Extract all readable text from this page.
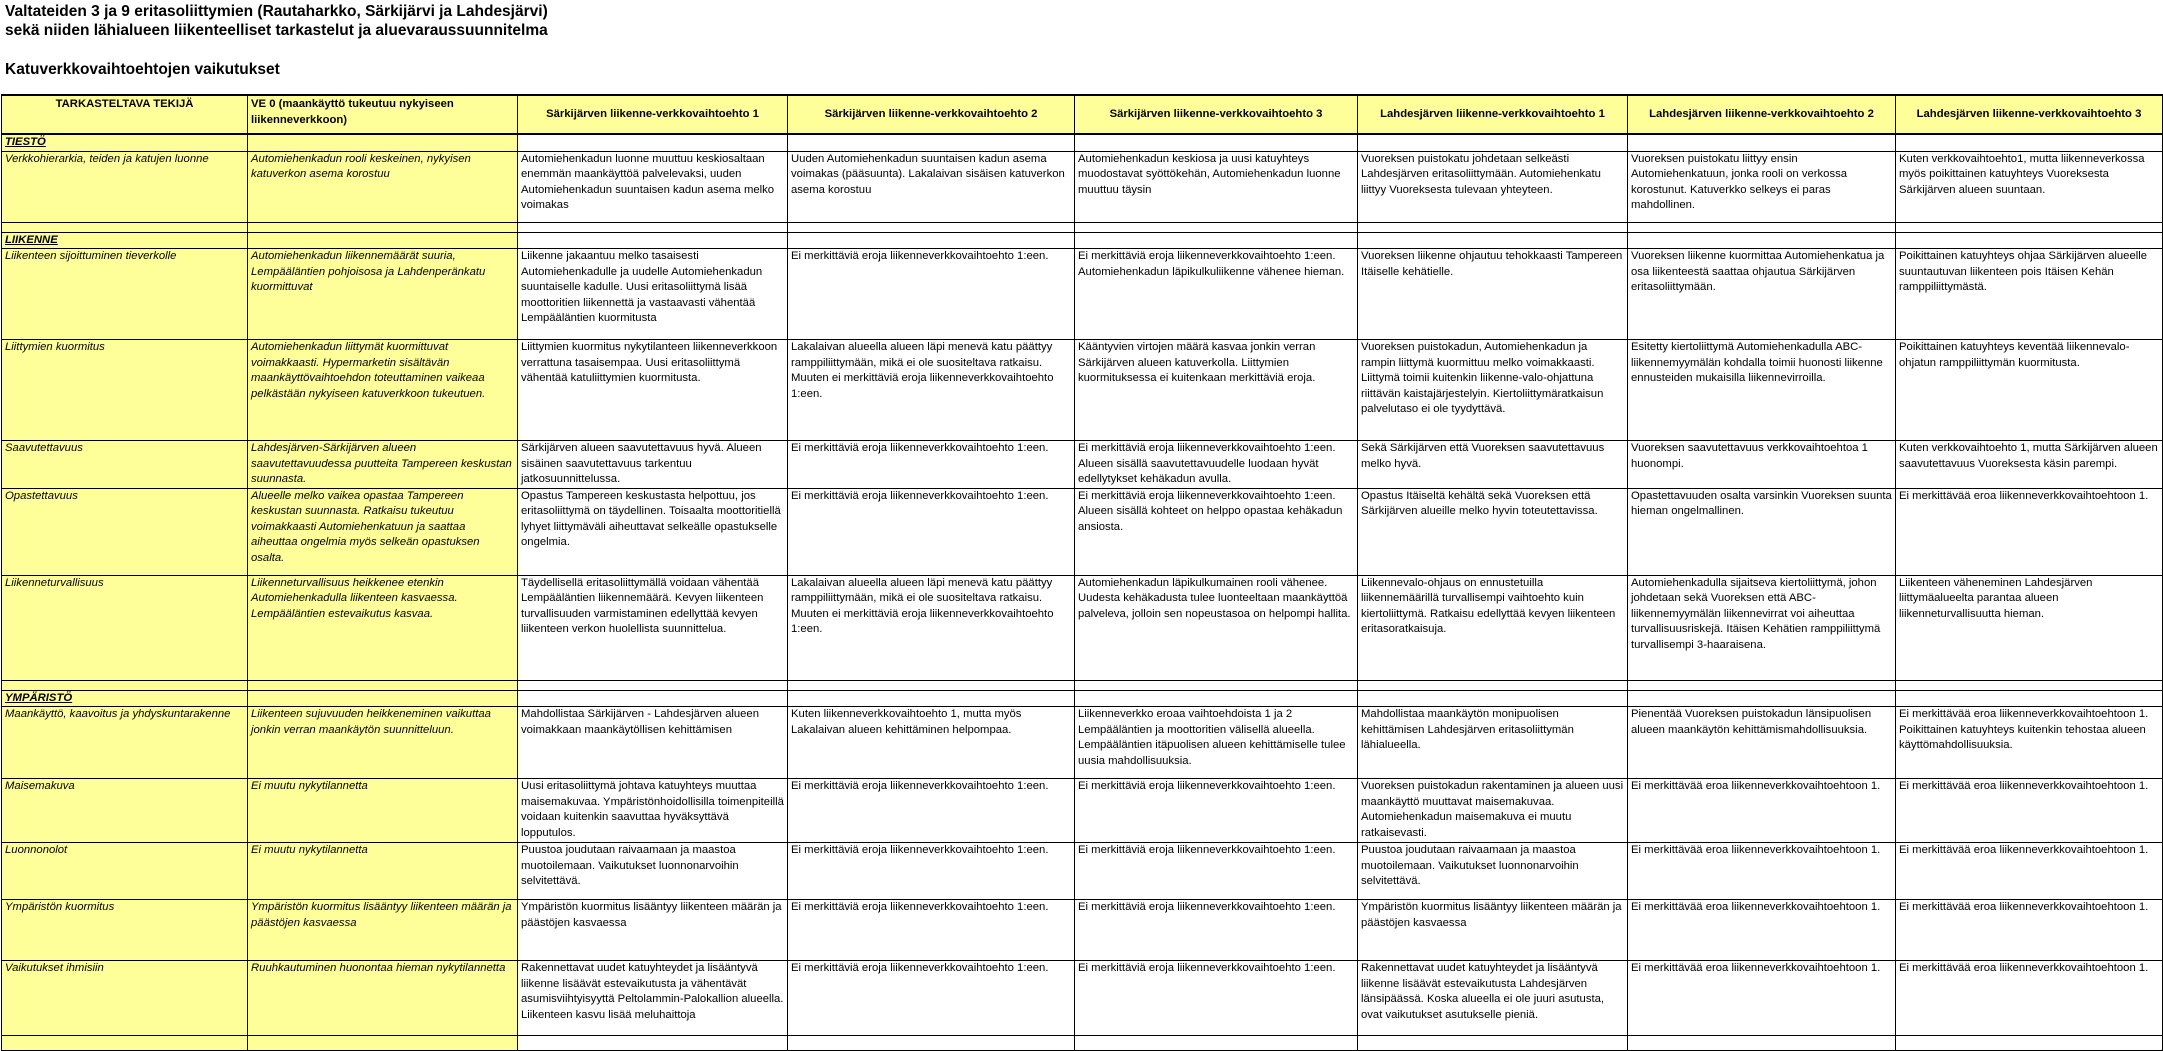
Valtateiden 3 ja 9 eritasoliittymien (Rautaharkko, Särkijärvi ja Lahdesjärvi)
sekä niiden lähialueen liikenteelliset tarkastelut ja aluevaraussuunnitelma
Katuverkkovaihtoehtojen vaikutukset
TARKASTELTAVA TEKIJÄ	VE 0 (maankäyttö tukeutuu nykyiseen liikenneverkkoon)	Särkijärven liikenne-verkkovaihtoehto 1	Särkijärven liikenne-verkkovaihtoehto 2	Särkijärven liikenne-verkkovaihtoehto 3	Lahdesjärven liikenne-verkkovaihtoehto 1	Lahdesjärven liikenne-verkkovaihtoehto 2	Lahdesjärven liikenne-verkkovaihtoehto 3
TIESTÖ							
Verkkohierarkia, teiden ja katujen luonne	Automiehenkadun rooli keskeinen, nykyisen katuverkon asema korostuu	Automiehenkadun luonne muuttuu keskiosaltaan enemmän maankäyttöä palvelevaksi, uuden Automiehenkadun suuntaisen kadun asema melko voimakas	Uuden Automiehenkadun suuntaisen kadun asema voimakas (pääsuunta). Lakalaivan sisäisen katuverkon asema korostuu	Automiehenkadun keskiosa ja uusi katuyhteys muodostavat syöttökehän, Automiehenkadun luonne muuttuu täysin	Vuoreksen puistokatu johdetaan selkeästi Lahdesjärven eritasoliittymään. Automiehenkatu liittyy Vuoreksesta tulevaan yhteyteen.	Vuoreksen puistokatu liittyy ensin Automiehenkatuun, jonka rooli on verkossa korostunut. Katuverkko selkeys ei paras mahdollinen.	Kuten verkkovaihtoehto1, mutta liikenneverkossa myös poikittainen katuyhteys Vuoreksesta Särkijärven alueen suuntaan.

LIIKENNE							
Liikenteen sijoittuminen tieverkolle	Automiehenkadun liikennemäärät suuria, Lempääläntien pohjoisosa ja Lahdenperänkatu kuormittuvat	Liikenne jakaantuu melko tasaisesti Automiehenkadulle ja uudelle Automiehenkadun suuntaiselle kadulle. Uusi eritasoliittymä lisää moottoritien liikennettä ja vastaavasti vähentää Lempääläntien kuormitusta	Ei merkittäviä eroja liikenneverkkovaihtoehto 1:een.	Ei merkittäviä eroja liikenneverkkovaihtoehto 1:een. Automiehenkadun läpikulkuliikenne vähenee hieman.	Vuoreksen liikenne ohjautuu tehokkaasti Tampereen Itäiselle kehätielle.	Vuoreksen liikenne kuormittaa Automiehenkatua ja osa liikenteestä saattaa ohjautua Särkijärven eritasoliittymään.	Poikittainen katuyhteys ohjaa Särkijärven alueelle suuntautuvan liikenteen pois Itäisen Kehän ramppiliittymästä.
Liittymien kuormitus	Automiehenkadun liittymät kuormittuvat voimakkaasti. Hypermarketin sisältävän maankäyttövaihtoehdon toteuttaminen vaikeaa pelkästään nykyiseen katuverkkoon tukeutuen.	Liittymien kuormitus nykytilanteen liikenneverkkoon verrattuna tasaisempaa. Uusi eritasoliittymä vähentää katuliittymien kuormitusta.	Lakalaivan alueella alueen läpi menevä katu päättyy ramppiliittymään, mikä ei ole suositeltava ratkaisu. Muuten ei merkittäviä eroja liikenneverkkovaihtoehto 1:een.	Kääntyvien virtojen määrä kasvaa jonkin verran Särkijärven alueen katuverkolla. Liittymien kuormituksessa ei kuitenkaan merkittäviä eroja.	Vuoreksen puistokadun, Automiehenkadun ja rampin liittymä kuormittuu melko voimakkaasti. Liittymä toimii kuitenkin liikenne-valo-ohjattuna riittävän kaistajärjestelyin. Kiertoliittymäratkaisun palvelutaso ei ole tyydyttävä.	Esitetty kiertoliittymä Automiehenkadulla ABC-liikennemyymälän kohdalla toimii huonosti liikenne ennusteiden mukaisilla liikennevirroilla.	Poikittainen katuyhteys keventää liikennevalo-ohjatun ramppiliittymän kuormitusta.
Saavutettavuus	Lahdesjärven-Särkijärven alueen saavutettavuudessa puutteita Tampereen keskustan suunnasta.	Särkijärven alueen saavutettavuus hyvä. Alueen sisäinen saavutettavuus tarkentuu jatkosuunnittelussa.	Ei merkittäviä eroja liikenneverkkovaihtoehto 1:een.	Ei merkittäviä eroja liikenneverkkovaihtoehto 1:een. Alueen sisällä saavutettavuudelle luodaan hyvät edellytykset kehäkadun avulla.	Sekä Särkijärven että Vuoreksen saavutettavuus melko hyvä.	Vuoreksen saavutettavuus verkkovaihtoehtoa 1 huonompi.	Kuten verkkovaihtoehto 1, mutta Särkijärven alueen saavutettavuus Vuoreksesta käsin parempi.
Opastettavuus	Alueelle melko vaikea opastaa Tampereen keskustan suunnasta. Ratkaisu tukeutuu voimakkaasti Automiehenkatuun ja saattaa aiheuttaa ongelmia myös selkeän opastuksen osalta.	Opastus Tampereen keskustasta helpottuu, jos eritasoliittymä on täydellinen. Toisaalta moottoritiellä lyhyet liittymäväli aiheuttavat selkeälle opastukselle ongelmia.	Ei merkittäviä eroja liikenneverkkovaihtoehto 1:een.	Ei merkittäviä eroja liikenneverkkovaihtoehto 1:een. Alueen sisällä kohteet on helppo opastaa kehäkadun ansiosta.	Opastus Itäiseltä kehältä sekä Vuoreksen että Särkijärven alueille melko hyvin toteutettavissa.	Opastettavuuden osalta varsinkin Vuoreksen suunta hieman ongelmallinen.	Ei merkittävää eroa liikenneverkkovaihtoehtoon 1.
Liikenneturvallisuus	Liikenneturvallisuus heikkenee etenkin Automiehenkadulla liikenteen kasvaessa. Lempääläntien estevaikutus kasvaa.	Täydellisellä eritasoliittymällä voidaan vähentää Lempääläntien liikennemäärä. Kevyen liikenteen turvallisuuden varmistaminen edellyttää kevyen liikenteen verkon huolellista suunnittelua.	Lakalaivan alueella alueen läpi menevä katu päättyy ramppiliittymään, mikä ei ole suositeltava ratkaisu. Muuten ei merkittäviä eroja liikenneverkkovaihtoehto 1:een.	Automiehenkadun läpikulkumainen rooli vähenee. Uudesta kehäkadusta tulee luonteeltaan maankäyttöä palveleva, jolloin sen nopeustasoa on helpompi hallita.	Liikennevalo-ohjaus on ennustetuilla liikennemäärillä turvallisempi vaihtoehto kuin kiertoliittymä. Ratkaisu edellyttää kevyen liikenteen eritasoratkaisuja.	Automiehenkadulla sijaitseva kiertoliittymä, johon johdetaan sekä Vuoreksen että ABC-liikennemyymälän liikennevirrat voi aiheuttaa turvallisuusriskejä. Itäisen Kehätien ramppiliittymä turvallisempi 3-haaraisena.	Liikenteen väheneminen Lahdesjärven liittymäalueelta parantaa alueen liikenneturvallisuutta hieman.

YMPÄRISTÖ							
Maankäyttö, kaavoitus ja yhdyskuntarakenne	Liikenteen sujuvuuden heikkeneminen vaikuttaa jonkin verran maankäytön suunnitteluun.	Mahdollistaa Särkijärven - Lahdesjärven alueen voimakkaan maankäytöllisen kehittämisen	Kuten liikenneverkkovaihtoehto 1, mutta myös Lakalaivan alueen kehittäminen helpompaa.	Liikenneverkko eroaa vaihtoehdoista 1 ja 2 Lempääläntien ja moottoritien välisellä alueella. Lempääläntien itäpuolisen alueen kehittämiselle tulee uusia mahdollisuuksia.	Mahdollistaa maankäytön monipuolisen kehittämisen Lahdesjärven eritasoliittymän lähialueella.	Pienentää Vuoreksen puistokadun länsipuolisen alueen maankäytön kehittämismahdollisuuksia.	Ei merkittävää eroa liikenneverkkovaihtoehtoon 1. Poikittainen katuyhteys kuitenkin tehostaa alueen käyttömahdollisuuksia.
Maisemakuva	Ei muutu nykytilannetta	Uusi eritasoliittymä johtava katuyhteys muuttaa maisemakuvaa. Ympäristönhoidollisilla toimenpiteillä voidaan kuitenkin saavuttaa hyväksyttävä lopputulos.	Ei merkittäviä eroja liikenneverkkovaihtoehto 1:een.	Ei merkittäviä eroja liikenneverkkovaihtoehto 1:een.	Vuoreksen puistokadun rakentaminen ja alueen uusi maankäyttö muuttavat maisemakuvaa. Automiehenkadun maisemakuva ei muutu ratkaisevasti.	Ei merkittävää eroa liikenneverkkovaihtoehtoon 1.	Ei merkittävää eroa liikenneverkkovaihtoehtoon 1.
Luonnonolot	Ei muutu nykytilannetta	Puustoa joudutaan raivaamaan ja maastoa muotoilemaan. Vaikutukset luonnonarvoihin selvitettävä.	Ei merkittäviä eroja liikenneverkkovaihtoehto 1:een.	Ei merkittäviä eroja liikenneverkkovaihtoehto 1:een.	Puustoa joudutaan raivaamaan ja maastoa muotoilemaan. Vaikutukset luonnonarvoihin selvitettävä.	Ei merkittävää eroa liikenneverkkovaihtoehtoon 1.	Ei merkittävää eroa liikenneverkkovaihtoehtoon 1.
Ympäristön kuormitus	Ympäristön kuormitus lisääntyy liikenteen määrän ja päästöjen kasvaessa	Ympäristön kuormitus lisääntyy liikenteen määrän ja päästöjen kasvaessa	Ei merkittäviä eroja liikenneverkkovaihtoehto 1:een.	Ei merkittäviä eroja liikenneverkkovaihtoehto 1:een.	Ympäristön kuormitus lisääntyy liikenteen määrän ja päästöjen kasvaessa	Ei merkittävää eroa liikenneverkkovaihtoehtoon 1.	Ei merkittävää eroa liikenneverkkovaihtoehtoon 1.
Vaikutukset ihmisiin	Ruuhkautuminen huonontaa hieman nykytilannetta	Rakennettavat uudet katuyhteydet ja lisääntyvä liikenne lisäävät estevaikutusta ja vähentävät asumisviihtyisyyttä Peltolammin-Palokallion alueella. Liikenteen kasvu lisää meluhaittoja	Ei merkittäviä eroja liikenneverkkovaihtoehto 1:een.	Ei merkittäviä eroja liikenneverkkovaihtoehto 1:een.	Rakennettavat uudet katuyhteydet ja lisääntyvä liikenne lisäävät estevaikutusta Lahdesjärven länsipäässä. Koska alueella ei ole juuri asutusta, ovat vaikutukset asutukselle pieniä.	Ei merkittävää eroa liikenneverkkovaihtoehtoon 1.	Ei merkittävää eroa liikenneverkkovaihtoehtoon 1.
